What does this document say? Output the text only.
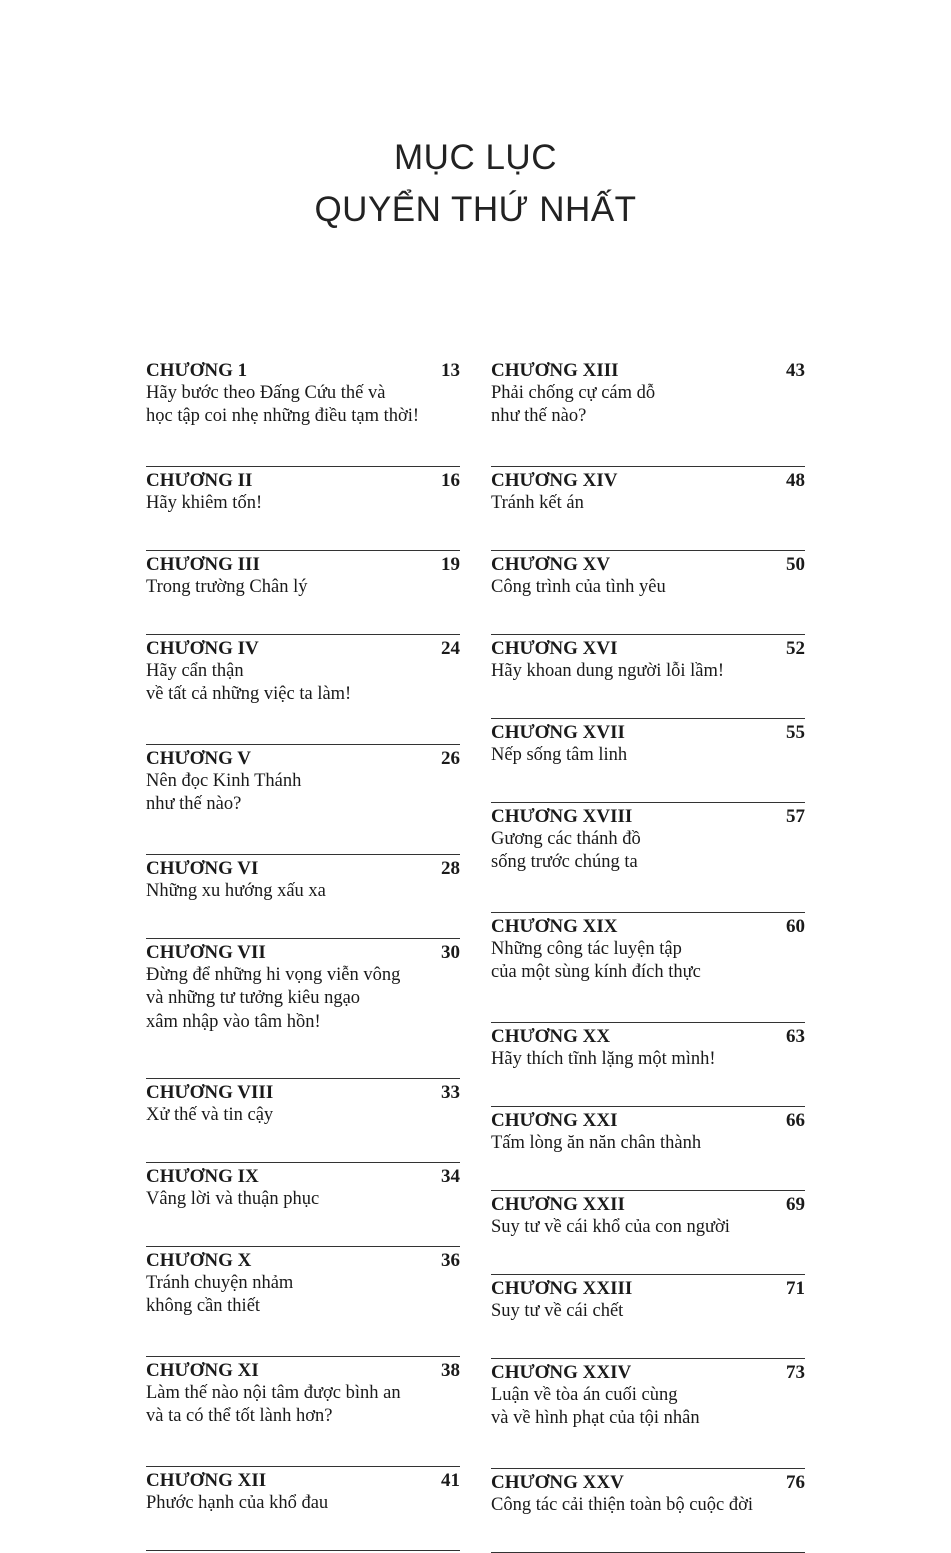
MỤC LỤC
QUYỂN THỨ NHẤT
CHƯƠNG 1	13
Hãy bước theo Đấng Cứu thế và
học tập coi nhẹ những điều tạm thời!
CHƯƠNG II	16
Hãy khiêm tốn!
CHƯƠNG III	19
Trong trường Chân lý
CHƯƠNG IV	24
Hãy cẩn thận
về tất cả những việc ta làm!
CHƯƠNG V	26
Nên đọc Kinh Thánh
như thế nào?
CHƯƠNG VI	28
Những xu hướng xấu xa
CHƯƠNG VII	30
Đừng để những hi vọng viễn vông
và những tư tưởng kiêu ngạo
xâm nhập vào tâm hồn!
CHƯƠNG VIII	33
Xử thế và tin cậy
CHƯƠNG IX	34
Vâng lời và thuận phục
CHƯƠNG X	36
Tránh chuyện nhảm
không cần thiết
CHƯƠNG XI	38
Làm thế nào nội tâm được bình an
và ta có thể tốt lành hơn?
CHƯƠNG XII	41
Phước hạnh của khổ đau
CHƯƠNG XIII	43
Phải chống cự cám dỗ
như thế nào?
CHƯƠNG XIV	48
Tránh kết án
CHƯƠNG XV	50
Công trình của tình yêu
CHƯƠNG XVI	52
Hãy khoan dung người lỗi lầm!
CHƯƠNG XVII	55
Nếp sống tâm linh
CHƯƠNG XVIII	57
Gương các thánh đồ
sống trước chúng ta
CHƯƠNG XIX	60
Những công tác luyện tập
của một sùng kính đích thực
CHƯƠNG XX	63
Hãy thích tĩnh lặng một mình!
CHƯƠNG XXI	66
Tấm lòng ăn năn chân thành
CHƯƠNG XXII	69
Suy tư về cái khổ của con người
CHƯƠNG XXIII	71
Suy tư về cái chết
CHƯƠNG XXIV	73
Luận về tòa án cuối cùng
và về hình phạt của tội nhân
CHƯƠNG XXV	76
Công tác cải thiện toàn bộ cuộc đời
